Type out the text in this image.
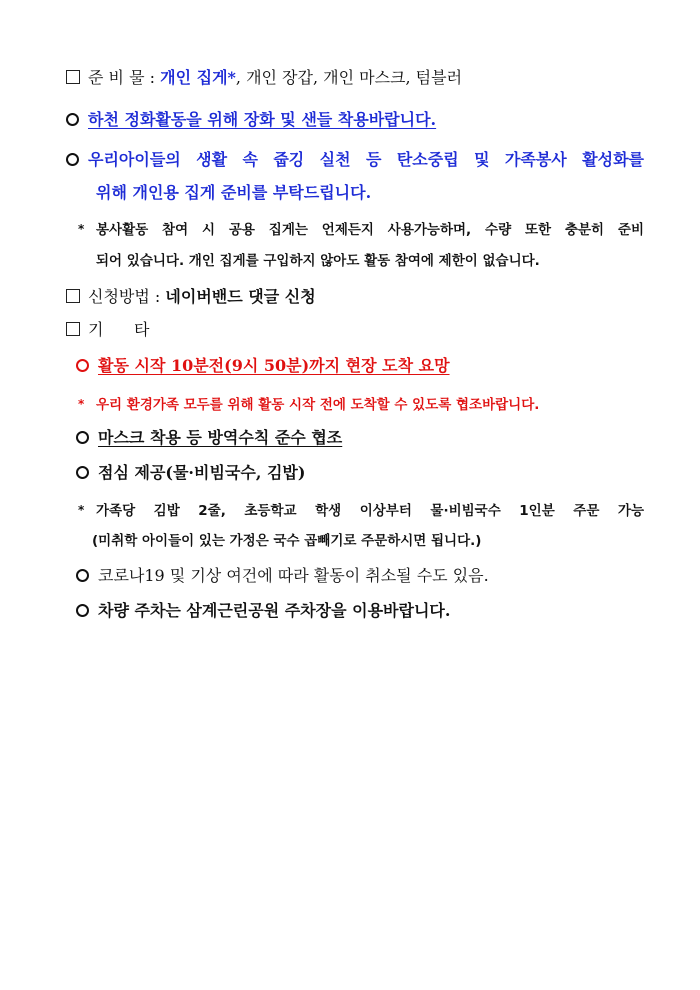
준 비 물 : 개인 집게*, 개인 장갑, 개인 마스크, 텀블러
하천 정화활동을 위해 장화 및 샌들 착용바랍니다.
우리아이들의 생활 속 줍깅 실천 등 탄소중립 및 가족봉사 활성화를
위해 개인용 집게 준비를 부탁드립니다.
* 봉사활동 참여 시 공용 집게는 언제든지 사용가능하며, 수량 또한 충분히 준비
되어 있습니다. 개인 집게를 구입하지 않아도 활동 참여에 제한이 없습니다.
신청방법 : 네이버밴드 댓글 신청
기      타
활동 시작 10분전(9시 50분)까지 현장 도착 요망
* 우리 환경가족 모두를 위해 활동 시작 전에 도착할 수 있도록 협조바랍니다.
마스크 착용 등 방역수칙 준수 협조
점심 제공(물·비빔국수, 김밥)
* 가족당 김밥 2줄, 초등학교 학생 이상부터 물·비빔국수 1인분 주문 가능
(미취학 아이들이 있는 가정은 국수 곱빼기로 주문하시면 됩니다.)
코로나19 및 기상 여건에 따라 활동이 취소될 수도 있음.
차량 주차는 삼계근린공원 주차장을 이용바랍니다.
